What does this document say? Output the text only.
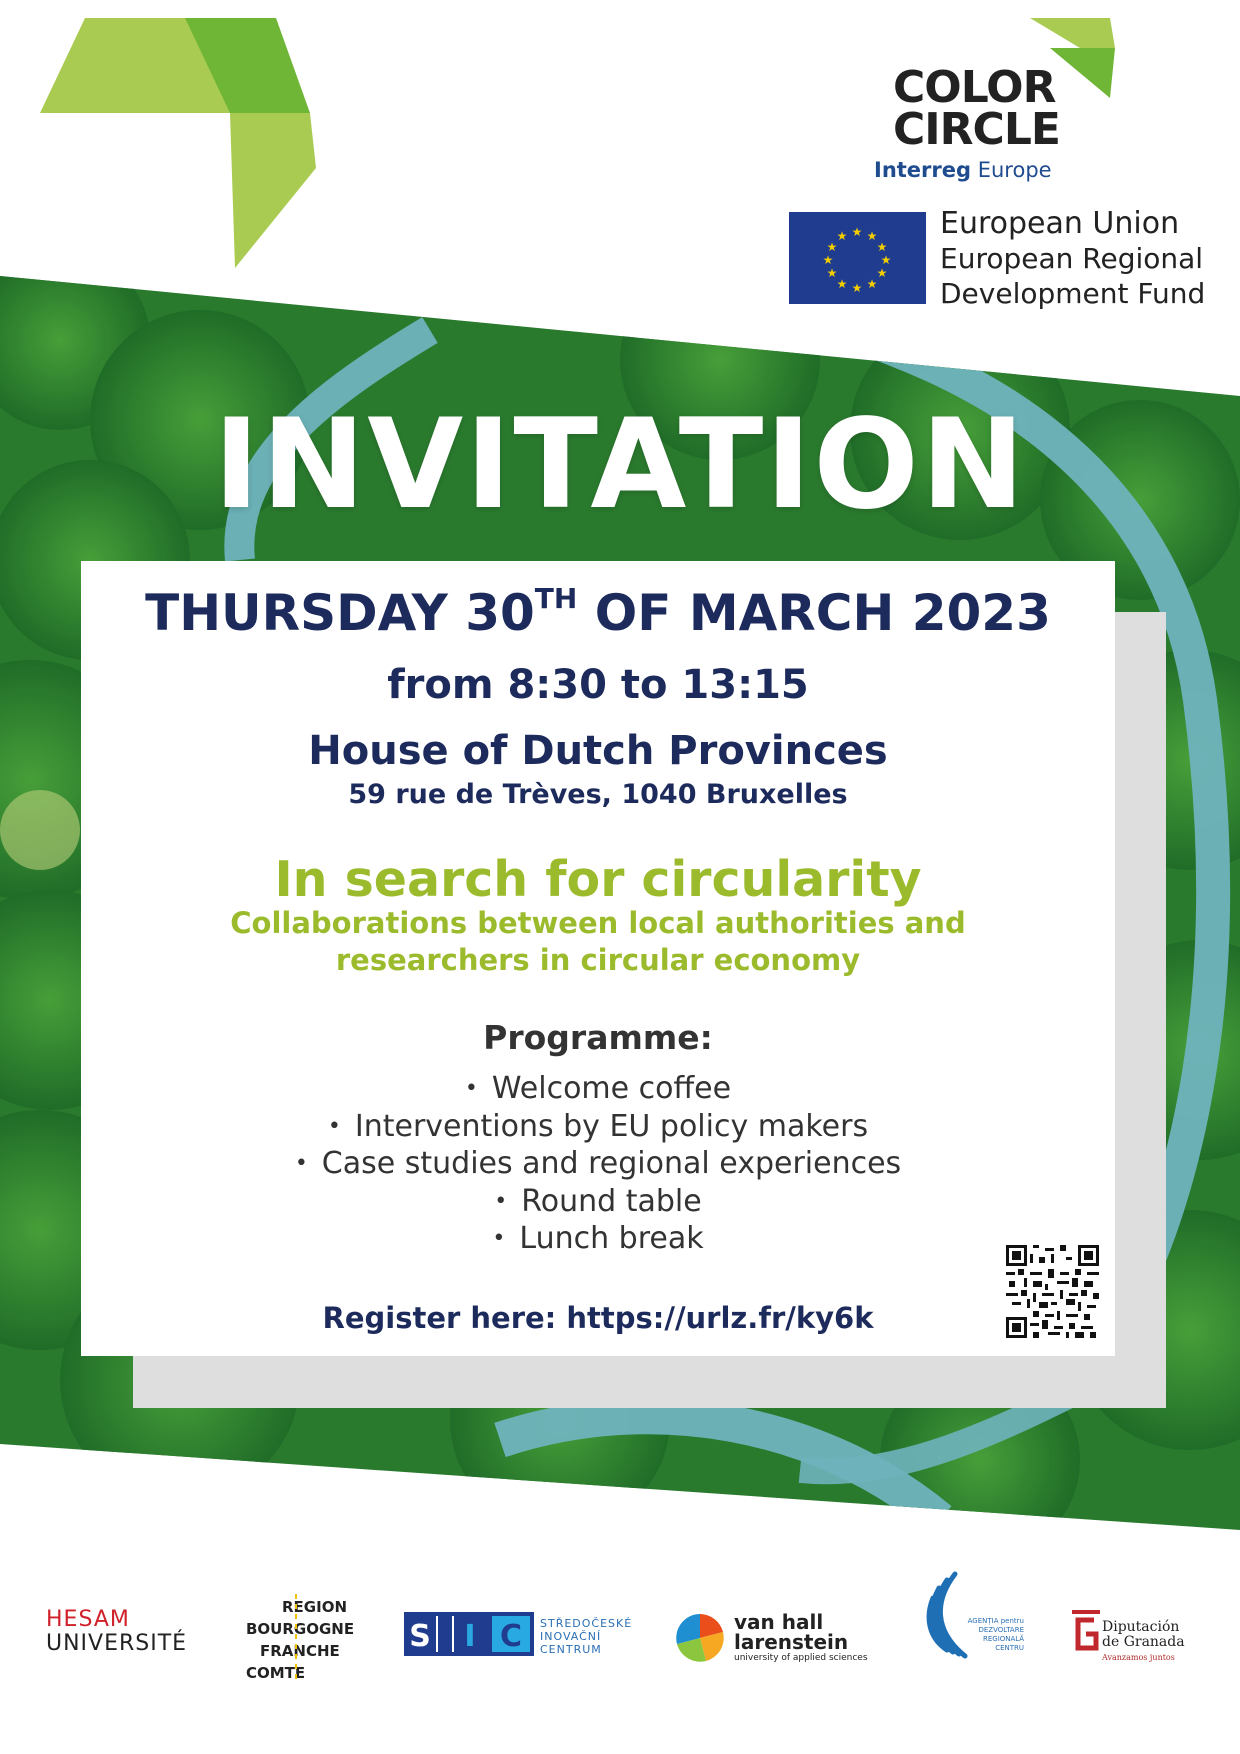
COLOR
CIRCLE
Interreg Europe
★ ★
★
★
★
★
★
★
★
★
★
★	European Union
European Regional
Development Fund
INVITATION
THURSDAY 30TH OF MARCH 2023
from 8:30 to 13:15
House of Dutch Provinces
59 rue de Trèves, 1040 Bruxelles
In search for circularity
Collaborations between local authorities and
researchers in circular economy
Programme:
• Welcome coffee
• Interventions by EU policy makers
• Case studies and regional experiences
• Round table
• Lunch break
Register here: https://urlz.fr/ky6k
HESAM
UNIVERSITÉ
REGION
BOURGOGNE
FRANCHE
COMTE
S I C STŘEDOČESKÉ
INOVAČNÍ
CENTRUM
van hall
larenstein
university of applied sciences
AGENȚIA pentru
DEZVOLTARE
REGIONALĂ
CENTRU
Diputación
de Granada
Avanzamos juntos
